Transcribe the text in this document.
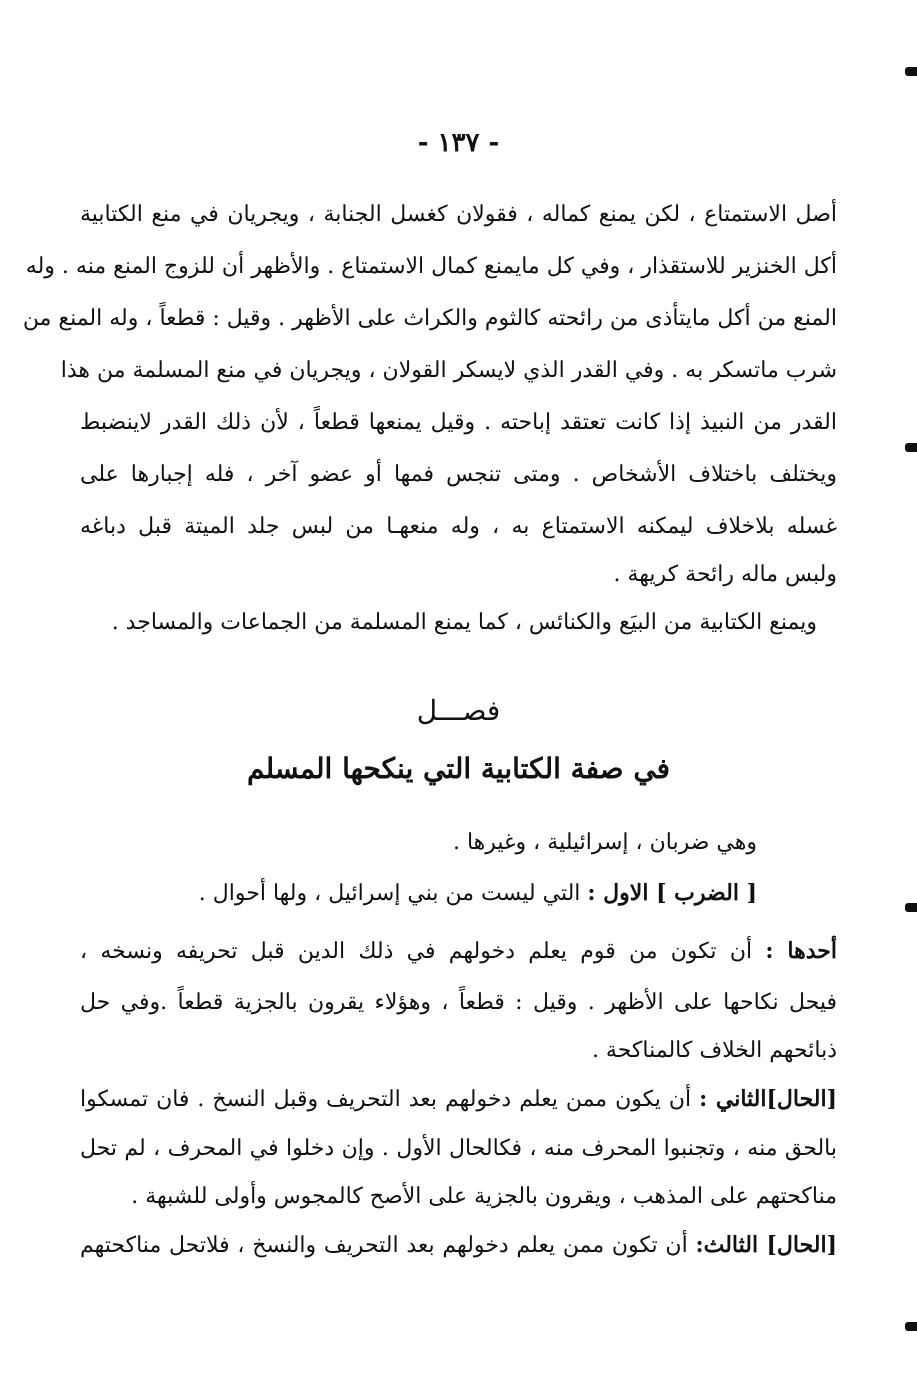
- ١٣٧ -
أصل الاستمتاع ، لكن يمنع كماله ، فقولان كغسل الجنابة ، ويجريان في منع الكتابية
أكل الخنزير للاستقذار ، وفي كل مايمنع كمال الاستمتاع . والأظهر أن للزوج المنع منه . وله
المنع من أكل مايتأذى من رائحته كالثوم والكراث على الأظهر . وقيل : قطعاً ، وله المنع من
شرب ماتسكر به . وفي القدر الذي لايسكر القولان ، ويجريان في منع المسلمة من هذا
القدر من النبيذ إذا كانت تعتقد إباحته . وقيل يمنعها قطعاً ، لأن ذلك القدر لاينضبط
ويختلف باختلاف الأشخاص . ومتى تنجس فمها أو عضو آخر ، فله إجبارها على
غسله بلاخلاف ليمكنه الاستمتاع به ، وله منعهـا من لبس جلد الميتة قبل دباغه
ولبس ماله رائحة كريهة .
ويمنع الكتابية من البيَع والكنائس ، كما يمنع المسلمة من الجماعات والمساجد .
فصـــل
في صفة الكتابية التي ينكحها المسلم
وهي ضربان ، إسرائيلية ، وغيرها .
[ الضرب ] الاول : التي ليست من بني إسرائيل ، ولها أحوال .
أحدها : أن تكون من قوم يعلم دخولهم في ذلك الدين قبل تحريفه ونسخه ،
فيحل نكاحها على الأظهر . وقيل : قطعاً ، وهؤلاء يقرون بالجزية قطعاً .وفي حل
ذبائحهم الخلاف كالمناكحة .
[الحال]الثاني : أن يكون ممن يعلم دخولهم بعد التحريف وقبل النسخ . فان تمسكوا
بالحق منه ، وتجنبوا المحرف منه ، فكالحال الأول . وإن دخلوا في المحرف ، لم تحل
مناكحتهم على المذهب ، ويقرون بالجزية على الأصح كالمجوس وأولى للشبهة .
[الحال] الثالث: أن تكون ممن يعلم دخولهم بعد التحريف والنسخ ، فلاتحل مناكحتهم
